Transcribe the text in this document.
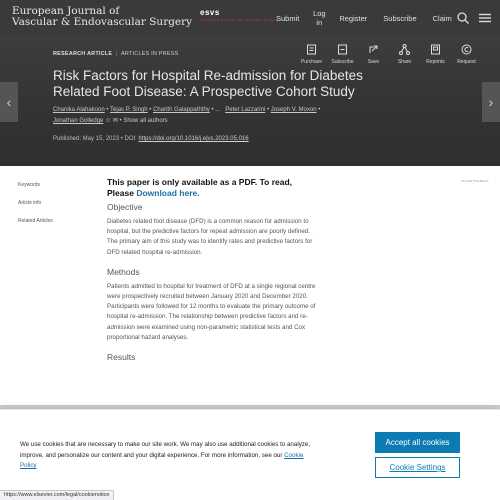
European Journal of
Vascular & Endovascular Surgery
esvs
European Society for Vascular Surgery
Submit	Log in	Register	Subscribe	Claim
‹	›
RESEARCH ARTICLE | ARTICLES IN PRESS
Risk Factors for Hospital Re-admission for Diabetes Related Foot Disease: A Prospective Cohort Study
Chanika Alahakoon • Tejas P. Singh • Charith Galappaththy • ... Peter Lazzarini • Joseph V. Moxon •
Jonathan Golledge ☺ ✉ • Show all authors
Published: May 15, 2023 • DOI: https://doi.org/10.1016/j.ejvs.2023.05.016
Purchase	Subscribe	Save	Share	Reprints	Request
Keywords
Article info
Related Articles
ADVERTISEMENT
This paper is only available as a PDF. To read,
Please Download here.
Objective
Diabetes related foot disease (DFD) is a common reason for admission to hospital, but the predictive factors for repeat admission are poorly defined. The primary aim of this study was to identify rates and predictive factors for DFD related hospital re-admission.
Methods
Patients admitted to hospital for treatment of DFD at a single regional centre were prospectively recruited between January 2020 and December 2020. Participants were followed for 12 months to evaluate the primary outcome of hospital re-admission. The relationship between predictive factors and re-admission were examined using non-parametric statistical tests and Cox proportional hazard analyses.
Results
We use cookies that are necessary to make our site work. We may also use additional cookies to analyze, improve, and personalize our content and your digital experience. For more information, see our Cookie Policy
Accept all cookies
Cookie Settings
https://www.elsevier.com/legal/cookienotice
